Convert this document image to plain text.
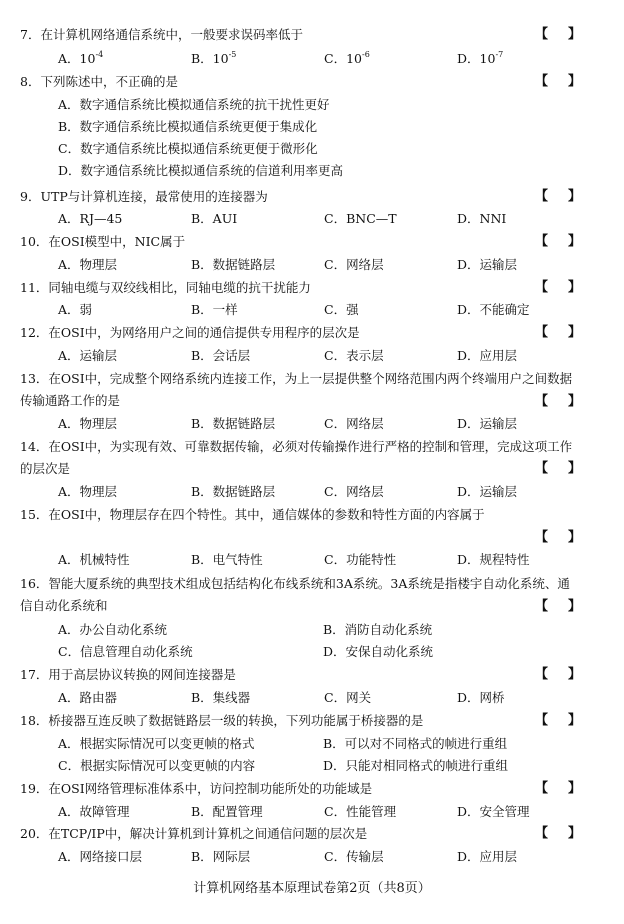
7．在计算机网络通信系统中，一般要求误码率低于	【 】
A．$10^{-4}$	B．$10^{-5}$	C．$10^{-6}$	D．$10^{-7}$
8．下列陈述中，不正确的是	【 】
A．数字通信系统比模拟通信系统的抗干扰性更好
B．数字通信系统比模拟通信系统更便于集成化
C．数字通信系统比模拟通信系统更便于微形化
D．数字通信系统比模拟通信系统的信道利用率更高
9．UTP与计算机连接，最常使用的连接器为	【 】
A．RJ—45	B．AUI	C．BNC—T	D．NNI
10．在OSI模型中，NIC属于	【 】
A．物理层	B．数据链路层	C．网络层	D．运输层
11．同轴电缆与双绞线相比，同轴电缆的抗干扰能力	【 】
A．弱	B．一样	C．强	D．不能确定
12．在OSI中，为网络用户之间的通信提供专用程序的层次是	【 】
A．运输层	B．会话层	C．表示层	D．应用层
13．在OSI中，完成整个网络系统内连接工作，为上一层提供整个网络范围内两个终端用户之间数据传输通路工作的是	【 】
A．物理层	B．数据链路层	C．网络层	D．运输层
14．在OSI中，为实现有效、可靠数据传输，必须对传输操作进行严格的控制和管理，完成这项工作的层次是	【 】
A．物理层	B．数据链路层	C．网络层	D．运输层
15．在OSI中，物理层存在四个特性。其中，通信媒体的参数和特性方面的内容属于
【 】
A．机械特性	B．电气特性	C．功能特性	D．规程特性
16．智能大厦系统的典型技术组成包括结构化布线系统和3A系统。3A系统是指楼宇自动化系统、通信自动化系统和	【 】
A．办公自动化系统	B．消防自动化系统
C．信息管理自动化系统	D．安保自动化系统
17．用于高层协议转换的网间连接器是	【 】
A．路由器	B．集线器	C．网关	D．网桥
18．桥接器互连反映了数据链路层一级的转换，下列功能属于桥接器的是	【 】
A．根据实际情况可以变更帧的格式	B．可以对不同格式的帧进行重组
C．根据实际情况可以变更帧的内容	D．只能对相同格式的帧进行重组
19．在OSI网络管理标准体系中，访问控制功能所处的功能域是	【 】
A．故障管理	B．配置管理	C．性能管理	D．安全管理
20．在TCP/IP中，解决计算机到计算机之间通信问题的层次是	【 】
A．网络接口层	B．网际层	C．传输层	D．应用层
计算机网络基本原理试卷第2页（共8页）
